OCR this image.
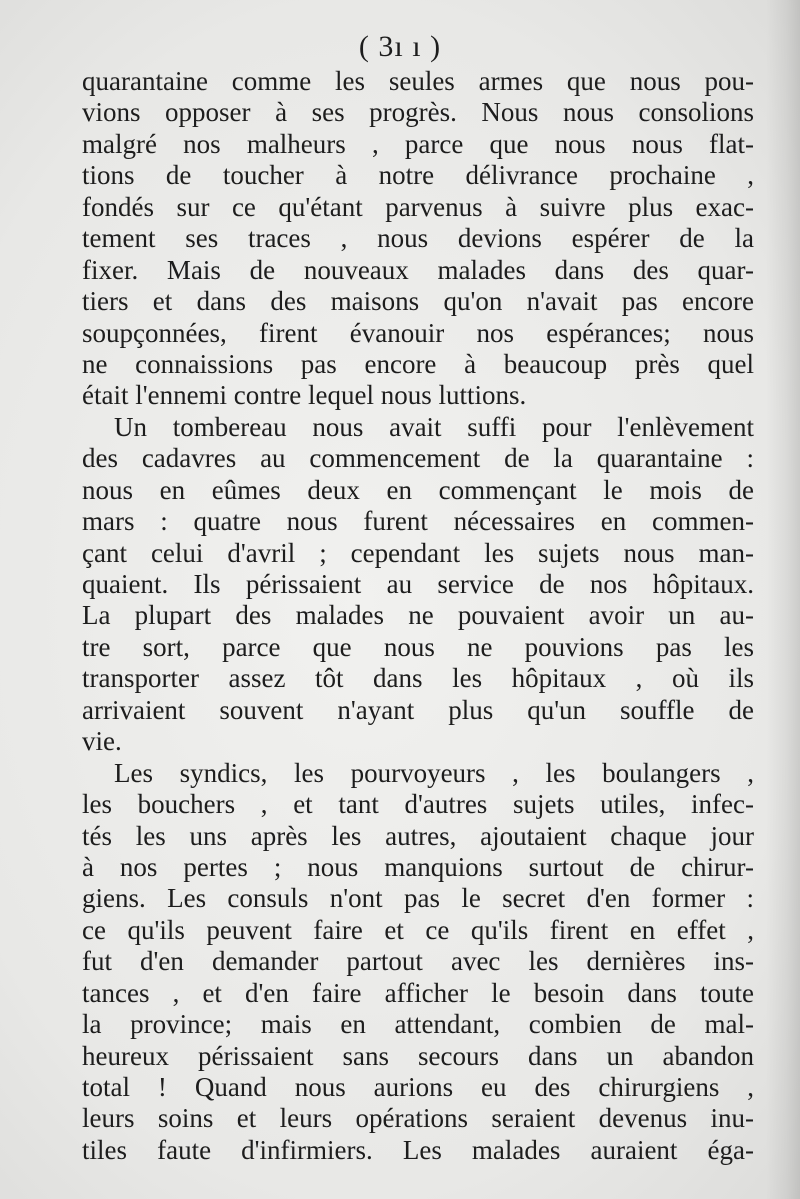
( 3ı ı )
quarantaine comme les seules armes que nous pou-
vions opposer à ses progrès. Nous nous consolions
malgré nos malheurs , parce que nous nous flat-
tions de toucher à notre délivrance prochaine ,
fondés sur ce qu'étant parvenus à suivre plus exac-
tement ses traces , nous devions espérer de la
fixer. Mais de nouveaux malades dans des quar-
tiers et dans des maisons qu'on n'avait pas encore
soupçonnées, firent évanouir nos espérances; nous
ne connaissions pas encore à beaucoup près quel
était l'ennemi contre lequel nous luttions.
Un tombereau nous avait suffi pour l'enlèvement
des cadavres au commencement de la quarantaine :
nous en eûmes deux en commençant le mois de
mars : quatre nous furent nécessaires en commen-
çant celui d'avril ; cependant les sujets nous man-
quaient. Ils périssaient au service de nos hôpitaux.
La plupart des malades ne pouvaient avoir un au-
tre sort, parce que nous ne pouvions pas les
transporter assez tôt dans les hôpitaux , où ils
arrivaient souvent n'ayant plus qu'un souffle de
vie.
Les syndics, les pourvoyeurs , les boulangers ,
les bouchers , et tant d'autres sujets utiles, infec-
tés les uns après les autres, ajoutaient chaque jour
à nos pertes ; nous manquions surtout de chirur-
giens. Les consuls n'ont pas le secret d'en former :
ce qu'ils peuvent faire et ce qu'ils firent en effet ,
fut d'en demander partout avec les dernières ins-
tances , et d'en faire afficher le besoin dans toute
la province; mais en attendant, combien de mal-
heureux périssaient sans secours dans un abandon
total ! Quand nous aurions eu des chirurgiens ,
leurs soins et leurs opérations seraient devenus inu-
tiles faute d'infirmiers. Les malades auraient éga-
